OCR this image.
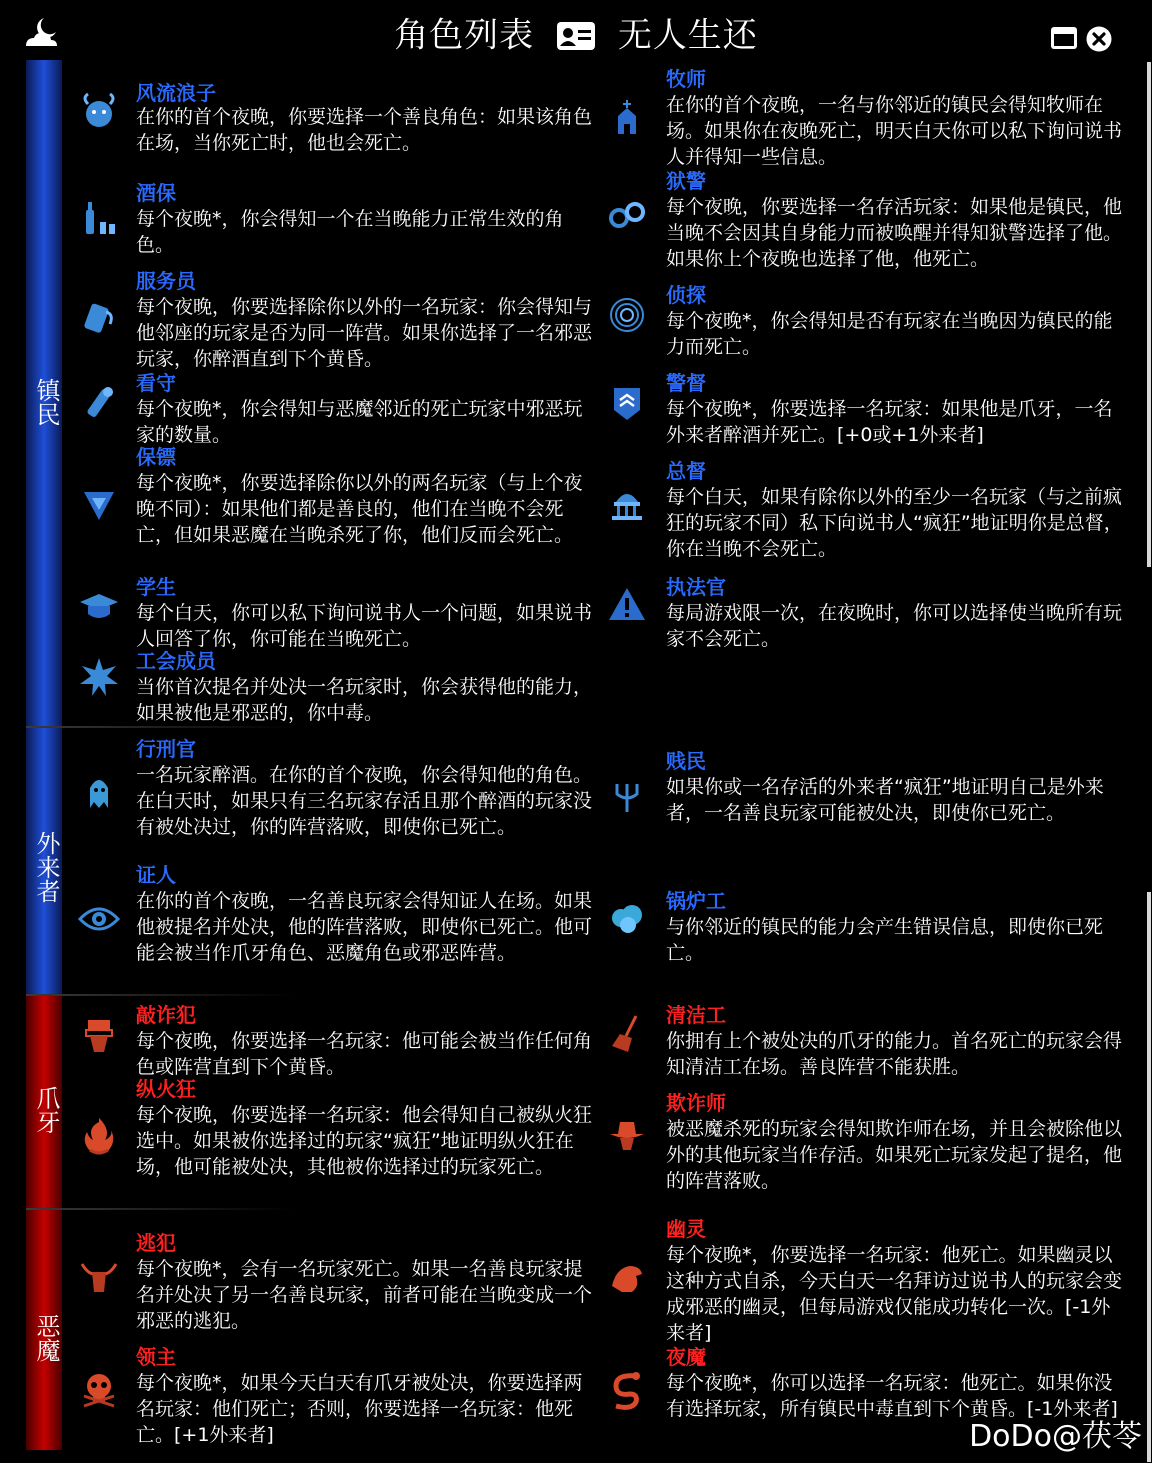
角色列表 无人生还
镇民
外来者
爪牙
恶魔
风流浪子
在你的首个夜晚，你要选择一个善良角色：如果该角色在场，当你死亡时，他也会死亡。
牧师
在你的首个夜晚，一名与你邻近的镇民会得知牧师在场。如果你在夜晚死亡，明天白天你可以私下询问说书人并得知一些信息。
酒保
每个夜晚*，你会得知一个在当晚能力正常生效的角色。
狱警
每个夜晚，你要选择一名存活玩家：如果他是镇民，他当晚不会因其自身能力而被唤醒并得知狱警选择了他。如果你上个夜晚也选择了他，他死亡。
服务员
每个夜晚，你要选择除你以外的一名玩家：你会得知与他邻座的玩家是否为同一阵营。如果你选择了一名邪恶玩家，你醉酒直到下个黄昏。
侦探
每个夜晚*，你会得知是否有玩家在当晚因为镇民的能力而死亡。
看守
每个夜晚*，你会得知与恶魔邻近的死亡玩家中邪恶玩家的数量。
警督
每个夜晚*，你要选择一名玩家：如果他是爪牙，一名外来者醉酒并死亡。[+0或+1外来者]
保镖
每个夜晚*，你要选择除你以外的两名玩家（与上个夜晚不同）：如果他们都是善良的，他们在当晚不会死亡，但如果恶魔在当晚杀死了你，他们反而会死亡。
总督
每个白天，如果有除你以外的至少一名玩家（与之前疯狂的玩家不同）私下向说书人“疯狂”地证明你是总督，你在当晚不会死亡。
学生
每个白天，你可以私下询问说书人一个问题，如果说书人回答了你，你可能在当晚死亡。
执法官
每局游戏限一次，在夜晚时，你可以选择使当晚所有玩家不会死亡。
工会成员
当你首次提名并处决一名玩家时，你会获得他的能力，如果被他是邪恶的，你中毒。
行刑官
一名玩家醉酒。在你的首个夜晚，你会得知他的角色。在白天时，如果只有三名玩家存活且那个醉酒的玩家没有被处决过，你的阵营落败，即使你已死亡。
贱民
如果你或一名存活的外来者“疯狂”地证明自己是外来者，一名善良玩家可能被处决，即使你已死亡。
证人
在你的首个夜晚，一名善良玩家会得知证人在场。如果他被提名并处决，他的阵营落败，即使你已死亡。他可能会被当作爪牙角色、恶魔角色或邪恶阵营。
锅炉工
与你邻近的镇民的能力会产生错误信息，即使你已死亡。
敲诈犯
每个夜晚，你要选择一名玩家：他可能会被当作任何角色或阵营直到下个黄昏。
清洁工
你拥有上个被处决的爪牙的能力。首名死亡的玩家会得知清洁工在场。善良阵营不能获胜。
纵火狂
每个夜晚，你要选择一名玩家：他会得知自己被纵火狂选中。如果被你选择过的玩家“疯狂”地证明纵火狂在场，他可能被处决，其他被你选择过的玩家死亡。
欺诈师
被恶魔杀死的玩家会得知欺诈师在场，并且会被除他以外的其他玩家当作存活。如果死亡玩家发起了提名，他的阵营落败。
逃犯
每个夜晚*，会有一名玩家死亡。如果一名善良玩家提名并处决了另一名善良玩家，前者可能在当晚变成一个邪恶的逃犯。
幽灵
每个夜晚*，你要选择一名玩家：他死亡。如果幽灵以这种方式自杀，今天白天一名拜访过说书人的玩家会变成邪恶的幽灵，但每局游戏仅能成功转化一次。[-1外来者]
领主
每个夜晚*，如果今天白天有爪牙被处决，你要选择两名玩家：他们死亡；否则，你要选择一名玩家：他死亡。[+1外来者]
夜魔
每个夜晚*，你可以选择一名玩家：他死亡。如果你没有选择玩家，所有镇民中毒直到下个黄昏。[-1外来者]
DoDo@茯苓
